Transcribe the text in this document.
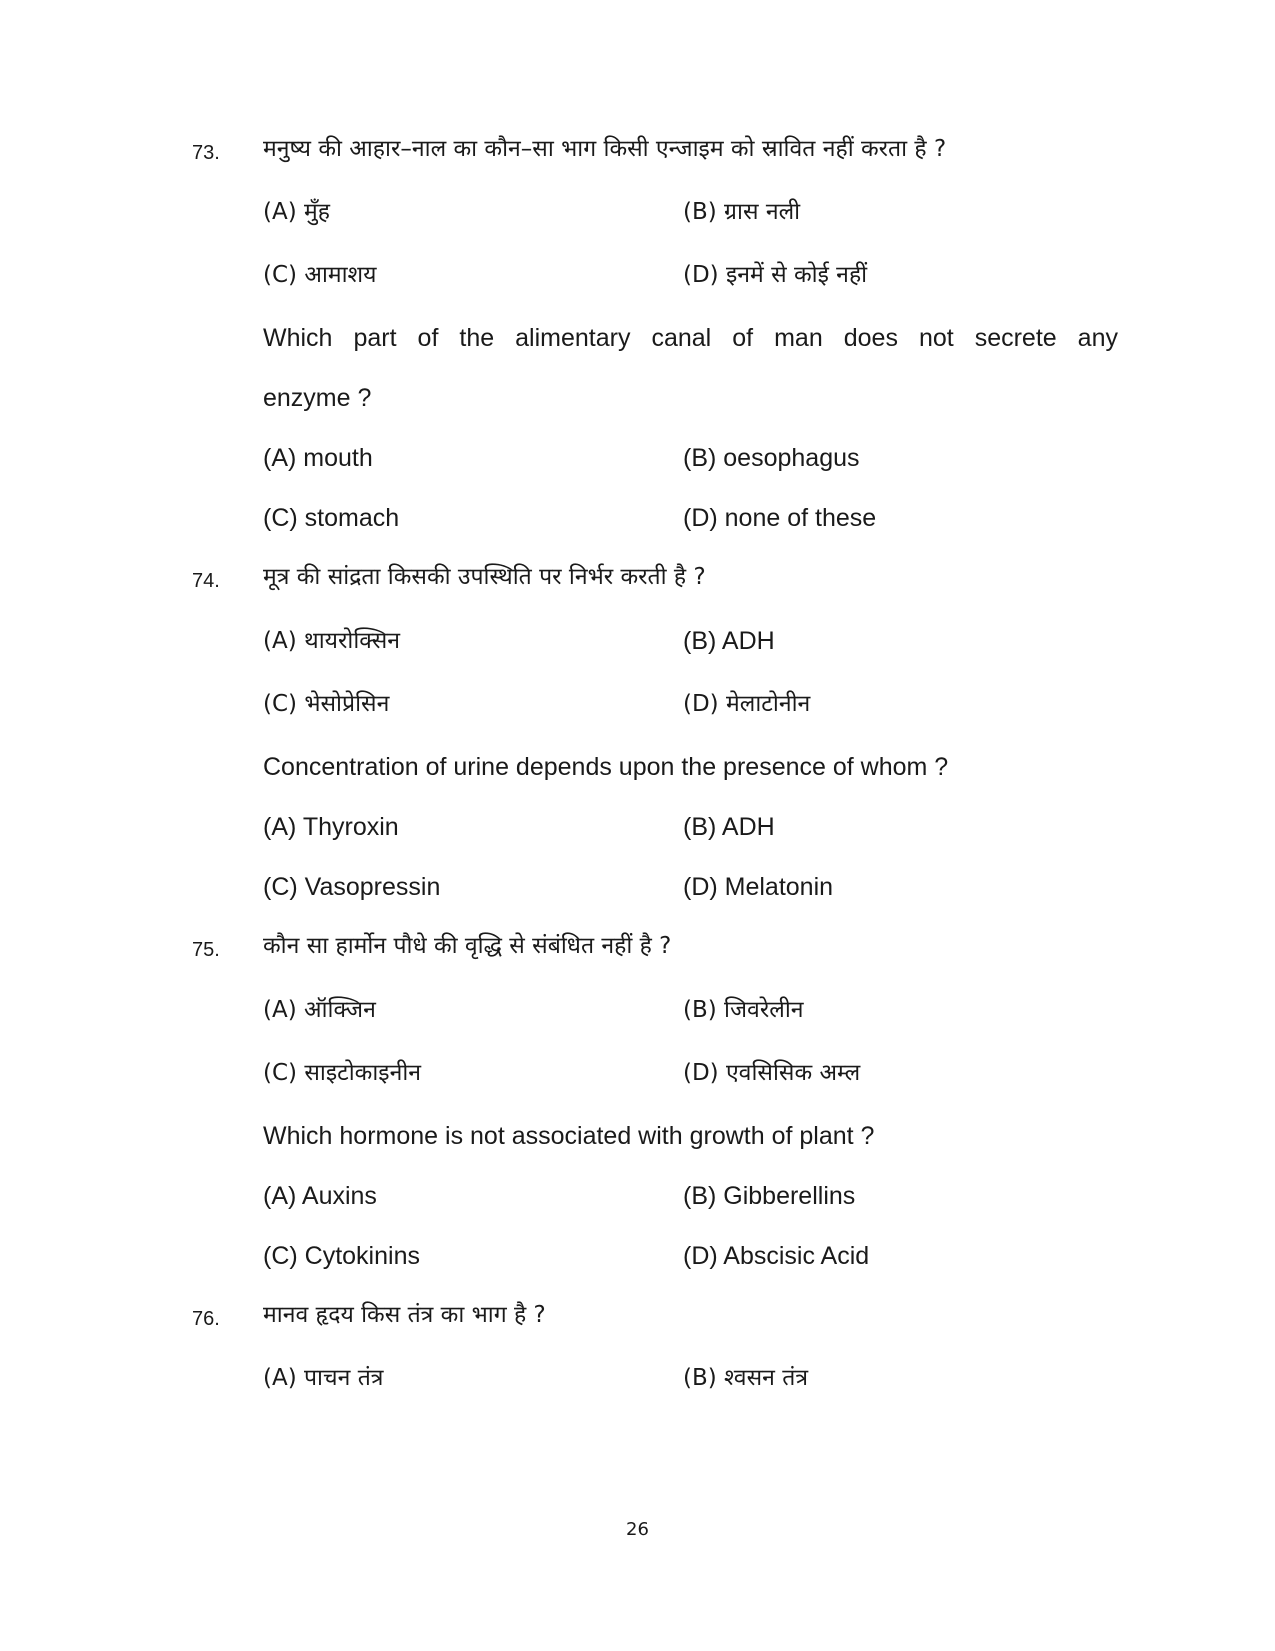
73. मनुष्य की आहार–नाल का कौन–सा भाग किसी एन्जाइम को स्रावित नहीं करता है ?
(A) मुँह	(B) ग्रास नली
(C) आमाशय	(D) इनमें से कोई नहीं
Which part of the alimentary canal of man does not secrete any
enzyme ?
(A) mouth	(B) oesophagus
(C) stomach	(D) none of these
74. मूत्र की सांद्रता किसकी उपस्थिति पर निर्भर करती है ?
(A) थायरोक्सिन	(B) ADH
(C) भेसोप्रेसिन	(D) मेलाटोनीन
Concentration of urine depends upon the presence of whom ?
(A) Thyroxin	(B) ADH
(C) Vasopressin	(D) Melatonin
75. कौन सा हार्मोन पौधे की वृद्धि से संबंधित नहीं है ?
(A) ऑक्जिन	(B) जिवरेलीन
(C) साइटोकाइनीन	(D) एवसिसिक अम्ल
Which hormone is not associated with growth of plant ?
(A) Auxins	(B) Gibberellins
(C) Cytokinins	(D) Abscisic Acid
76. मानव हृदय किस तंत्र का भाग है ?
(A) पाचन तंत्र	(B) श्वसन तंत्र
26
